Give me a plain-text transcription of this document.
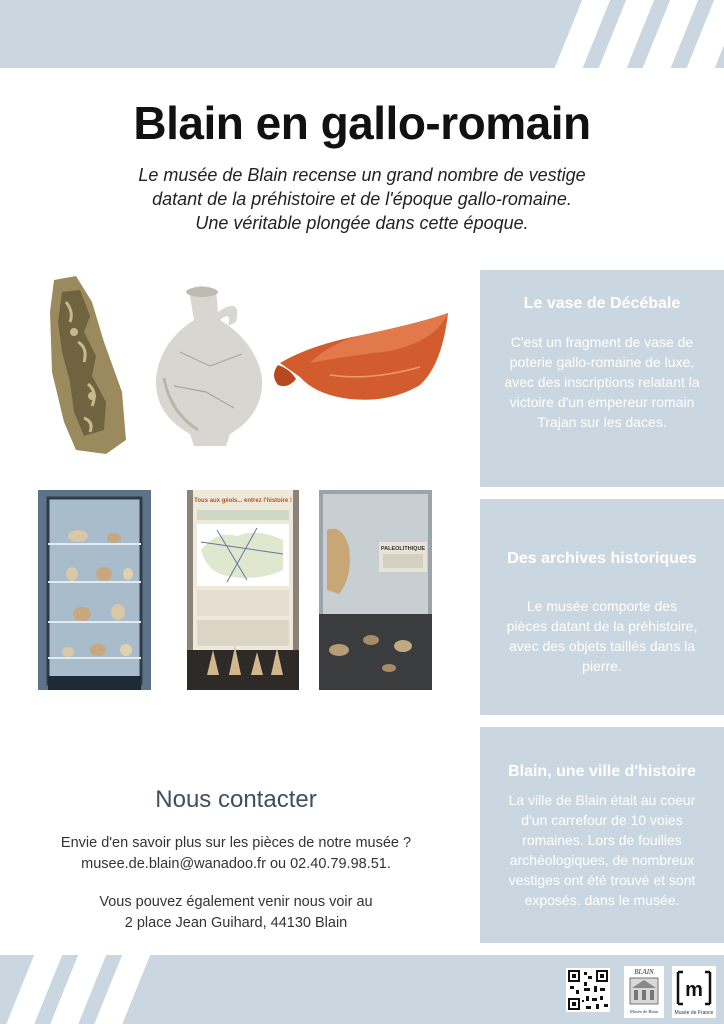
Blain en gallo-romain
Le musée de Blain recense un grand nombre de vestige
datant de la préhistoire et de l'époque gallo-romaine.
Une véritable plongée dans cette époque.
Tous aux géols... entrez l'histoire !
PALEOLITHIQUE
Le vase de Décébale
C'est un fragment de vase de poterie gallo-romaine de luxe, avec des inscriptions relatant la victoire d'un empereur romain Trajan sur les daces.
Des archives historiques
Le musée comporte des pièces datant de la préhistoire, avec des objets taillés dans la pierre.
Blain, une ville d'histoire
La ville de Blain était au coeur d'un carrefour de 10 voies romaines. Lors de fouilles archéologiques, de nombreux vestiges ont été trouvé et sont exposés. dans le musée.
Nous contacter
Envie d'en savoir plus sur les pièces de notre musée ?
musee.de.blain@wanadoo.fr ou 02.40.79.98.51.
Vous pouvez également venir nous voir au
2 place Jean Guihard, 44130 Blain
BLAIN
Musée de Blain
m
Musée de France
